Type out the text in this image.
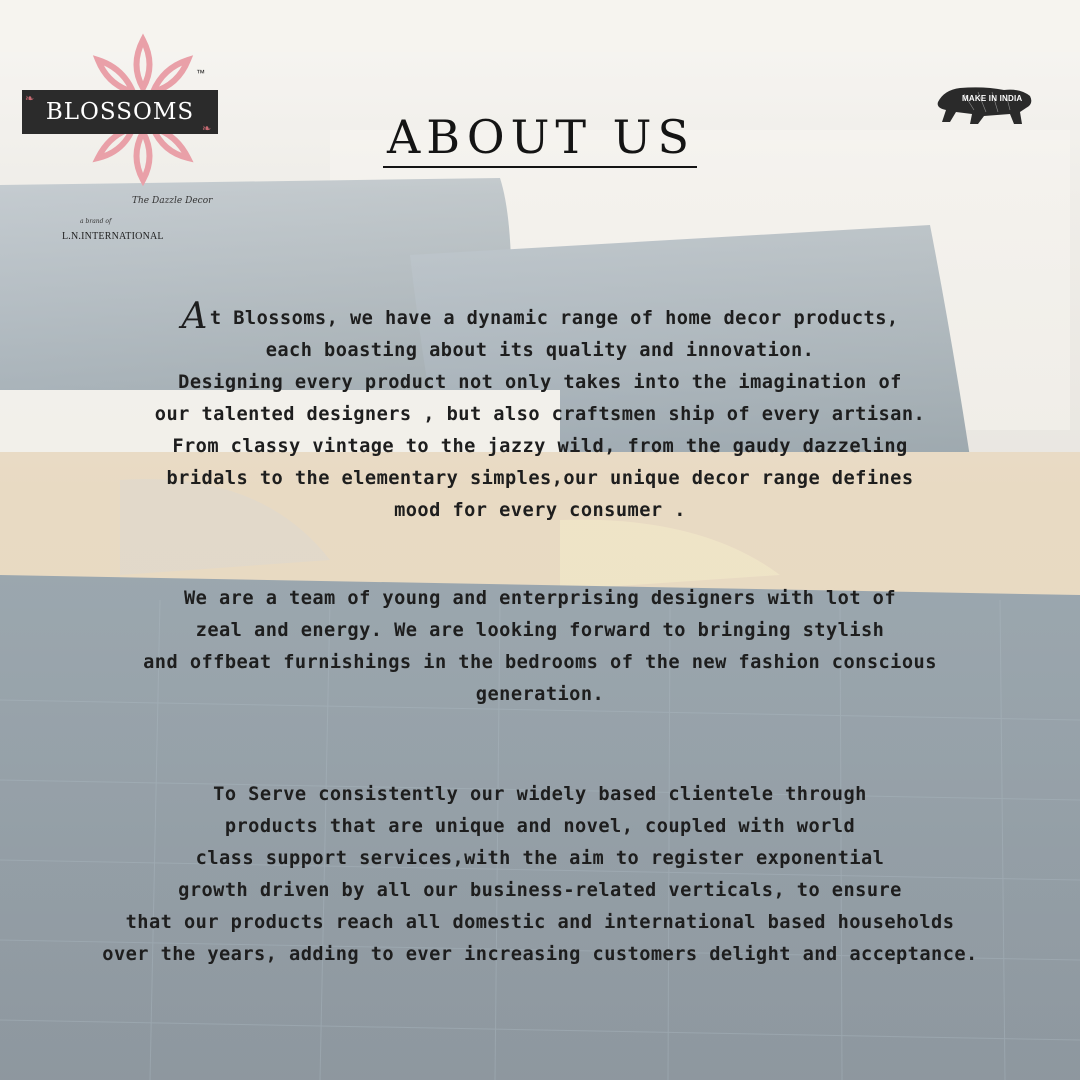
BLOSSOMS
❧
❧
™
The Dazzle Decor
a brand of
L.N.INTERNATIONAL
MAKE IN INDIA
ABOUT US

At Blossoms, we have a dynamic range of home decor products,

each boasting about its quality and innovation.

Designing every product not only takes into the imagination of

our talented designers , but also craftsmen ship of every artisan.

From classy vintage to the jazzy wild, from the gaudy dazzeling

bridals to the elementary simples,our unique decor range defines

mood for every consumer .

We are a team of young and enterprising designers with lot of

zeal and energy. We are looking forward to bringing stylish

and offbeat furnishings in the bedrooms of the new fashion conscious

generation.

To Serve consistently our widely based clientele through

products that are unique and novel, coupled with world

class support services,with the aim to register exponential

growth driven by all our business-related verticals, to ensure

that our products reach all domestic and international based households

over the years, adding to ever increasing customers delight and acceptance.
